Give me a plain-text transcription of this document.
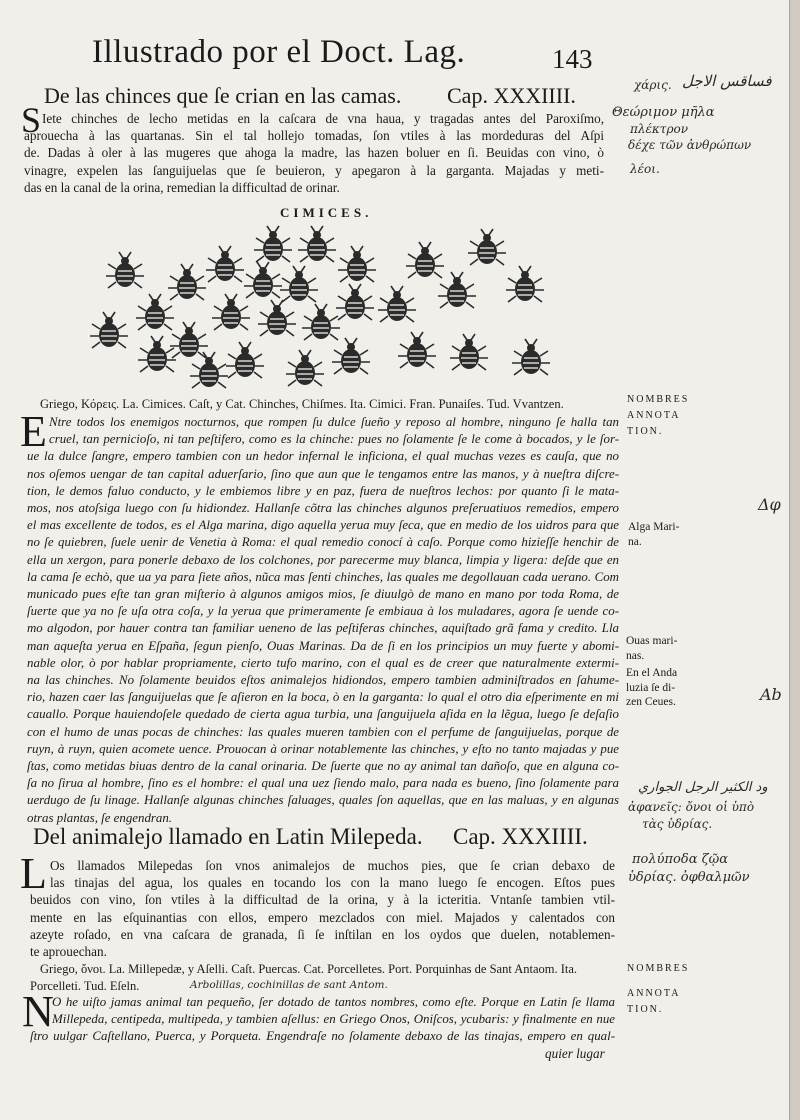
Illustrado por el Doct. Lag.	143
De las chinces que ſe crian en las camas. Cap. XXXIIII.
S Iete chinches de lecho metidas en la caſcara de vna haua, y tragadas antes del Paroxiſmo,
aprouecha à las quartanas. Sin el tal hollejo tomadas, ſon vtiles à las mordeduras del Aſpi
de. Dadas à oler à las mugeres que ahoga la madre, las hazen boluer en ſi. Beuidas con vino, ò
vinagre, expelen las ſanguijuelas que ſe beuieron, y apegaron à la garganta. Majadas y meti-
das en la canal de la orina, remedian la difficultad de orinar.
CIMICES.
Griego, Κόρεις. La. Cimices. Caſt, y Cat. Chinches, Chiſmes. Ita. Cimici. Fran. Punaiſes. Tud. Vvantzen.
E Ntre todos los enemigos nocturnos, que rompen ſu dulce ſueño y reposo al hombre, ninguno ſe halla tan
cruel, tan pernicioſo, ni tan peſtifero, como es la chinche: pues no ſolamente ſe le come à bocados, y le ſor-
ue la dulce ſangre, empero tambien con un hedor infernal le inficiona, el qual muchas vezes es cauſa, que no
nos oſemos uengar de tan capital aduerſario, ſino que aun que le tengamos entre las manos, y à nueſtra diſcre-
tion, le demos faluo conducto, y le embiemos libre y en paz, fuera de nueſtros lechos: por quanto ſi le mata-
mos, nos atoſsiga luego con ſu hidiondez. Hallanſe cõtra las chinches algunos preſeruatiuos remedios, empero
el mas excellente de todos, es el Alga marina, digo aquella yerua muy ſeca, que en medio de los uidros para que
no ſe quiebren, ſuele uenir de Venetia à Roma: el qual remedio conocí à caſo. Porque como hizieſſe henchir de
ella un xergon, para ponerle debaxo de los colchones, por parecerme muy blanca, limpia y ligera: deſde que en
la cama ſe echò, que ua ya para ſiete años, nũca mas ſenti chinches, las quales me degollauan cada uerano. Com
municado pues eſte tan gran miſterio à algunos amigos mios, ſe diuulgò de mano en mano por toda Roma, de
ſuerte que ya no ſe uſa otra coſa, y la yerua que primeramente ſe embiaua à los muladares, agora ſe uende co-
mo algodon, por hauer contra tan familiar ueneno de las peſtiferas chinches, aquiſtado grã fama y credito. Lla
man aqueſta yerua en Eſpaña, ſegun pienſo, Ouas Marinas. Da de ſi en los principios un muy fuerte y abomi-
nable olor, ò por hablar propriamente, cierto tufo marino, con el qual es de creer que naturalmente extermi-
na las chinches. No ſolamente beuidos eſtos animalejos hidiondos, empero tambien adminiſtrados en ſahume-
rio, hazen caer las ſanguijuelas que ſe aſieron en la boca, ò en la garganta: lo qual el otro dia eſperimente en mi
cauallo. Porque hauiendoſele quedado de cierta agua turbia, una ſanguijuela aſida en la lẽgua, luego ſe deſaſio
con el humo de unas pocas de chinches: las quales mueren tambien con el perfume de ſanguijuelas, porque de
ruyn, à ruyn, quien acomete uence. Prouocan à orinar notablemente las chinches, y eſto no tanto majadas y pue
ſtas, como metidas biuas dentro de la canal orinaria. De ſuerte que no ay animal tan dañoſo, que en alguna co-
ſa no ſirua al hombre, ſino es el hombre: el qual una uez ſiendo malo, para nada es bueno, ſino ſolamente para
uerdugo de ſu linage. Hallanſe algunas chinches ſaluages, quales ſon aquellas, que en las maluas, y en algunas
otras plantas, ſe engendran.
NOMBRES
ANNOTA
TION.
Alga Mari-
na.
Ouas mari-
nas.
En el Anda
luzia ſe di-
zen Ceues.
Del animalejo llamado en Latin Milepeda. Cap. XXXIIII.
L Os llamados Milepedas ſon vnos animalejos de muchos pies, que ſe crian debaxo de
las tinajas del agua, los quales en tocando los con la mano luego ſe encogen. Eſtos pues
beuidos con vino, ſon vtiles à la difficultad de la orina, y à la icteritia. Vntanſe tambien vtil-
mente en las eſquinantias con ellos, empero mezclados con miel. Majados y calentados con
azeyte roſado, en vna caſcara de granada, ſi ſe inſtilan en los oydos que duelen, notablemen-
te aprouechan.
Griego, ὄνοι. La. Millepedæ, y Aſelli. Caſt. Puercas. Cat. Porcelletes. Port. Porquinhas de Sant Antaom. Ita.
Porcelleti. Tud. Eſeln.
NOMBRES
ANNOTA
TION.
N
O he uiſto jamas animal tan pequeño, ſer dotado de tantos nombres, como eſte. Porque en Latin ſe llama
Millepeda, centipeda, multipeda, y tambien aſellus: en Griego Onos, Oniſcos, ycubaris: y finalmente en nue
ſtro uulgar Caſtellano, Puerca, y Porqueta. Engendraſe no ſolamente debaxo de las tinajas, empero en qual-
quier lugar
فساقس الاجل
χάρις.
Θεώριμον μῆλα
πλέκτρον
δέχε τῶν ἀνθρώπων
λέοι.
Δφ
Ab
ود الكثير الرجل الجواري
ἀφανεῖς: ὄνοι οἱ ὑπὸ
τὰς ὑδρίας.
πολύποδα ζῷα
ὑδρίας. ὀφθαλμῶν
Arbolillas, cochinillas de sant Antom.
